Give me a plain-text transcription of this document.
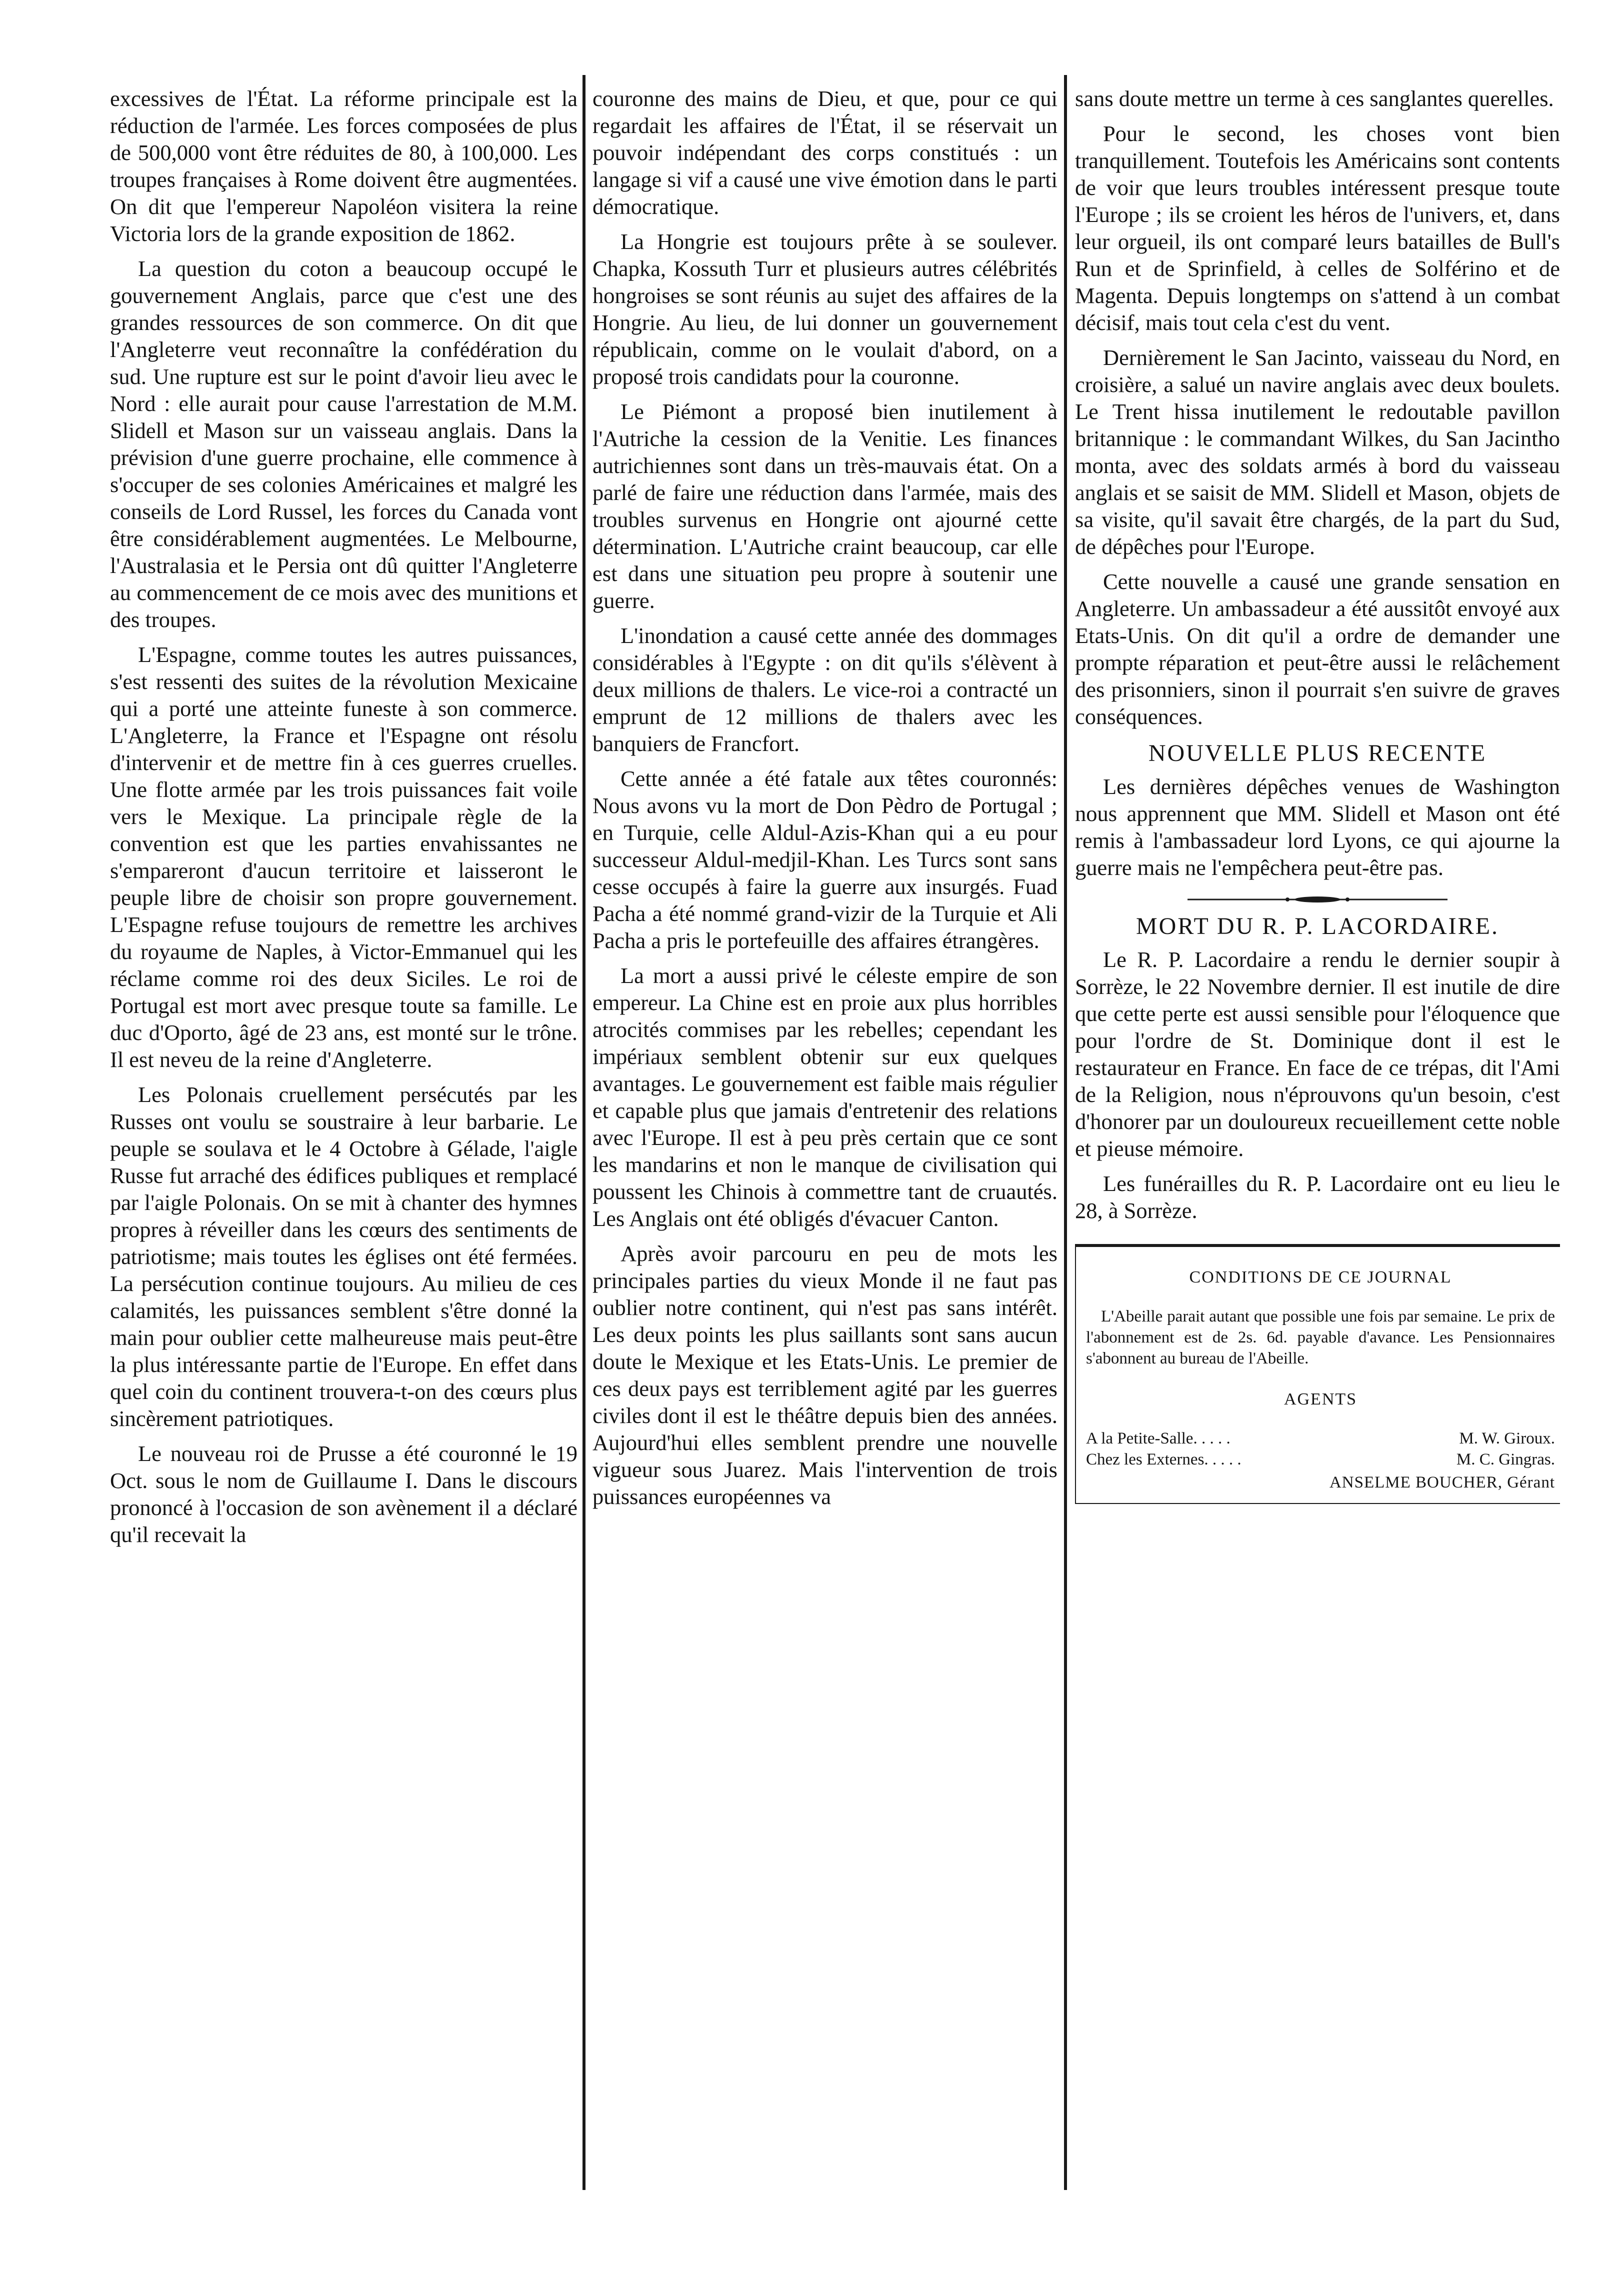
excessives de l'État. La réforme principale est la réduction de l'armée. Les forces composées de plus de 500,000 vont être réduites de 80, à 100,000. Les troupes françaises à Rome doivent être augmentées. On dit que l'empereur Napoléon visitera la reine Victoria lors de la grande exposition de 1862.

La question du coton a beaucoup occupé le gouvernement Anglais, parce que c'est une des grandes ressources de son commerce. On dit que l'Angleterre veut reconnaître la confédération du sud. Une rupture est sur le point d'avoir lieu avec le Nord : elle aurait pour cause l'arrestation de M.M. Slidell et Mason sur un vaisseau anglais. Dans la prévision d'une guerre prochaine, elle commence à s'occuper de ses colonies Américaines et malgré les conseils de Lord Russel, les forces du Canada vont être considérablement augmentées. Le Melbourne, l'Australasia et le Persia ont dû quitter l'Angleterre au commencement de ce mois avec des munitions et des troupes.

L'Espagne, comme toutes les autres puissances, s'est ressenti des suites de la révolution Mexicaine qui a porté une atteinte funeste à son commerce. L'Angleterre, la France et l'Espagne ont résolu d'intervenir et de mettre fin à ces guerres cruelles. Une flotte armée par les trois puissances fait voile vers le Mexique. La principale règle de la convention est que les parties envahissantes ne s'empareront d'aucun territoire et laisseront le peuple libre de choisir son propre gouvernement. L'Espagne refuse toujours de remettre les archives du royaume de Naples, à Victor-Emmanuel qui les réclame comme roi des deux Siciles. Le roi de Portugal est mort avec presque toute sa famille. Le duc d'Oporto, âgé de 23 ans, est monté sur le trône. Il est neveu de la reine d'Angleterre.

Les Polonais cruellement persécutés par les Russes ont voulu se soustraire à leur barbarie. Le peuple se soulava et le 4 Octobre à Gélade, l'aigle Russe fut arraché des édifices publiques et remplacé par l'aigle Polonais. On se mit à chanter des hymnes propres à réveiller dans les cœurs des sentiments de patriotisme; mais toutes les églises ont été fermées. La persécution continue toujours. Au milieu de ces calamités, les puissances semblent s'être donné la main pour oublier cette malheureuse mais peut-être la plus intéressante partie de l'Europe. En effet dans quel coin du continent trouvera-t-on des cœurs plus sincèrement patriotiques.

Le nouveau roi de Prusse a été couronné le 19 Oct. sous le nom de Guillaume I. Dans le discours prononcé à l'occasion de son avènement il a déclaré qu'il recevait la

couronne des mains de Dieu, et que, pour ce qui regardait les affaires de l'État, il se réservait un pouvoir indépendant des corps constitués : un langage si vif a causé une vive émotion dans le parti démocratique.

La Hongrie est toujours prête à se soulever. Chapka, Kossuth Turr et plusieurs autres célébrités hongroises se sont réunis au sujet des affaires de la Hongrie. Au lieu, de lui donner un gouvernement républicain, comme on le voulait d'abord, on a proposé trois candidats pour la couronne.

Le Piémont a proposé bien inutilement à l'Autriche la cession de la Venitie. Les finances autrichiennes sont dans un très-mauvais état. On a parlé de faire une réduction dans l'armée, mais des troubles survenus en Hongrie ont ajourné cette détermination. L'Autriche craint beaucoup, car elle est dans une situation peu propre à soutenir une guerre.

L'inondation a causé cette année des dommages considérables à l'Egypte : on dit qu'ils s'élèvent à deux millions de thalers. Le vice-roi a contracté un emprunt de 12 millions de thalers avec les banquiers de Francfort.

Cette année a été fatale aux têtes couronnés: Nous avons vu la mort de Don Pèdro de Portugal ; en Turquie, celle Aldul-Azis-Khan qui a eu pour successeur Aldul-medjil-Khan. Les Turcs sont sans cesse occupés à faire la guerre aux insurgés. Fuad Pacha a été nommé grand-vizir de la Turquie et Ali Pacha a pris le portefeuille des affaires étrangères.

La mort a aussi privé le céleste empire de son empereur. La Chine est en proie aux plus horribles atrocités commises par les rebelles; cependant les impériaux semblent obtenir sur eux quelques avantages. Le gouvernement est faible mais régulier et capable plus que jamais d'entretenir des relations avec l'Europe. Il est à peu près certain que ce sont les mandarins et non le manque de civilisation qui poussent les Chinois à commettre tant de cruautés. Les Anglais ont été obligés d'évacuer Canton.

Après avoir parcouru en peu de mots les principales parties du vieux Monde il ne faut pas oublier notre continent, qui n'est pas sans intérêt. Les deux points les plus saillants sont sans aucun doute le Mexique et les Etats-Unis. Le premier de ces deux pays est terriblement agité par les guerres civiles dont il est le théâtre depuis bien des années. Aujourd'hui elles semblent prendre une nouvelle vigueur sous Juarez. Mais l'intervention de trois puissances européennes va

sans doute mettre un terme à ces sanglantes querelles.

Pour le second, les choses vont bien tranquillement. Toutefois les Américains sont contents de voir que leurs troubles intéressent presque toute l'Europe ; ils se croient les héros de l'univers, et, dans leur orgueil, ils ont comparé leurs batailles de Bull's Run et de Sprinfield, à celles de Solférino et de Magenta. Depuis longtemps on s'attend à un combat décisif, mais tout cela c'est du vent.

Dernièrement le San Jacinto, vaisseau du Nord, en croisière, a salué un navire anglais avec deux boulets. Le Trent hissa inutilement le redoutable pavillon britannique : le commandant Wilkes, du San Jacintho monta, avec des soldats armés à bord du vaisseau anglais et se saisit de MM. Slidell et Mason, objets de sa visite, qu'il savait être chargés, de la part du Sud, de dépêches pour l'Europe.

Cette nouvelle a causé une grande sensation en Angleterre. Un ambassadeur a été aussitôt envoyé aux Etats-Unis. On dit qu'il a ordre de demander une prompte réparation et peut-être aussi le relâchement des prisonniers, sinon il pourrait s'en suivre de graves conséquences.

NOUVELLE PLUS RECENTE

Les dernières dépêches venues de Washington nous apprennent que MM. Slidell et Mason ont été remis à l'ambassadeur lord Lyons, ce qui ajourne la guerre mais ne l'empêchera peut-être pas.

MORT DU R. P. LACORDAIRE.

Le R. P. Lacordaire a rendu le dernier soupir à Sorrèze, le 22 Novembre dernier. Il est inutile de dire que cette perte est aussi sensible pour l'éloquence que pour l'ordre de St. Dominique dont il est le restaurateur en France. En face de ce trépas, dit l'Ami de la Religion, nous n'éprouvons qu'un besoin, c'est d'honorer par un douloureux recueillement cette noble et pieuse mémoire.

Les funérailles du R. P. Lacordaire ont eu lieu le 28, à Sorrèze.

CONDITIONS DE CE JOURNAL

L'Abeille parait autant que possible une fois par semaine. Le prix de l'abonnement est de 2s. 6d. payable d'avance. Les Pensionnaires s'abonnent au bureau de l'Abeille.

AGENTS

A la Petite-Salle. . . . .	M. W. Giroux.

Chez les Externes. . . . .	M. C. Gingras.

ANSELME BOUCHER, Gérant
